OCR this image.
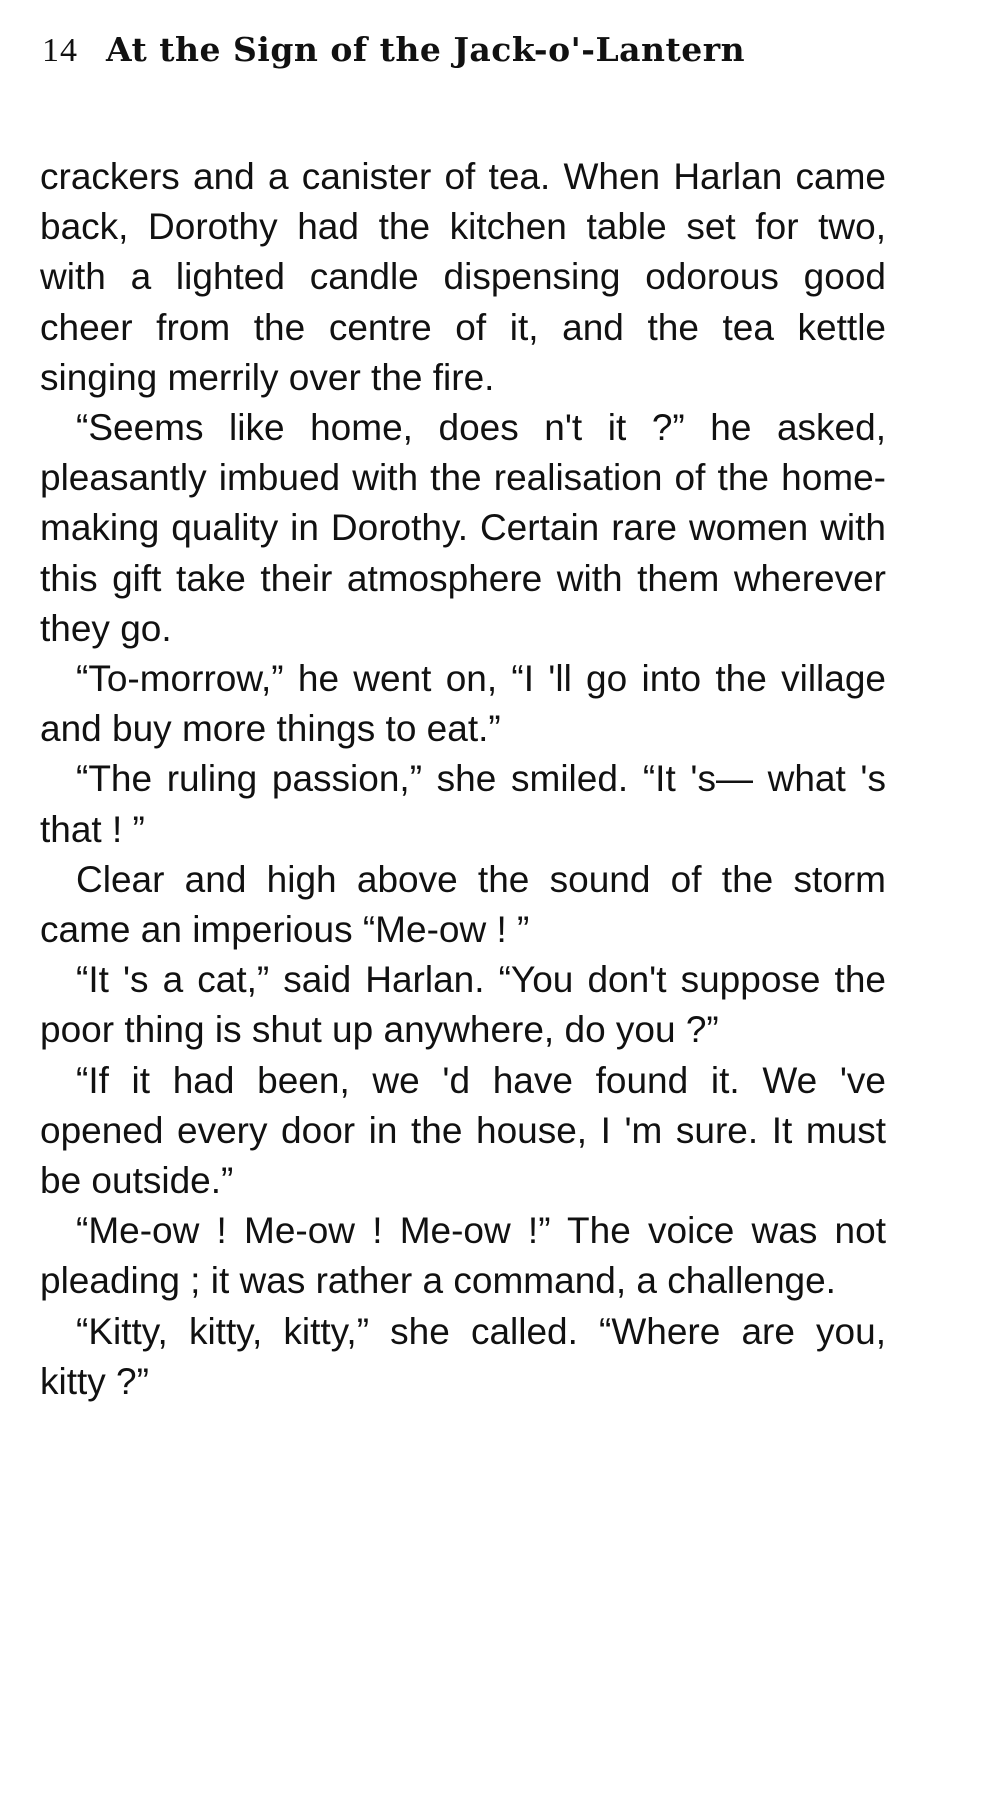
14 At the Sign of the Jack-o'-Lantern

crackers and a canister of tea. When Harlan came back, Dorothy had the kitchen table set for two, with a lighted candle dispensing odorous good cheer from the centre of it, and the tea kettle singing merrily over the fire.

“Seems like home, does n't it ?” he asked, pleasantly imbued with the realisation of the home-making quality in Dorothy. Certain rare women with this gift take their atmosphere with them wherever they go.

“To-morrow,” he went on, “I 'll go into the village and buy more things to eat.”

“The ruling passion,” she smiled. “It 's— what 's that ! ”

Clear and high above the sound of the storm came an imperious “Me-ow ! ”

“It 's a cat,” said Harlan. “You don't suppose the poor thing is shut up anywhere, do you ?”

“If it had been, we 'd have found it. We 've opened every door in the house, I 'm sure. It must be outside.”

“Me-ow ! Me-ow ! Me-ow !” The voice was not pleading ; it was rather a command, a challenge.

“Kitty, kitty, kitty,” she called. “Where are you, kitty ?”
